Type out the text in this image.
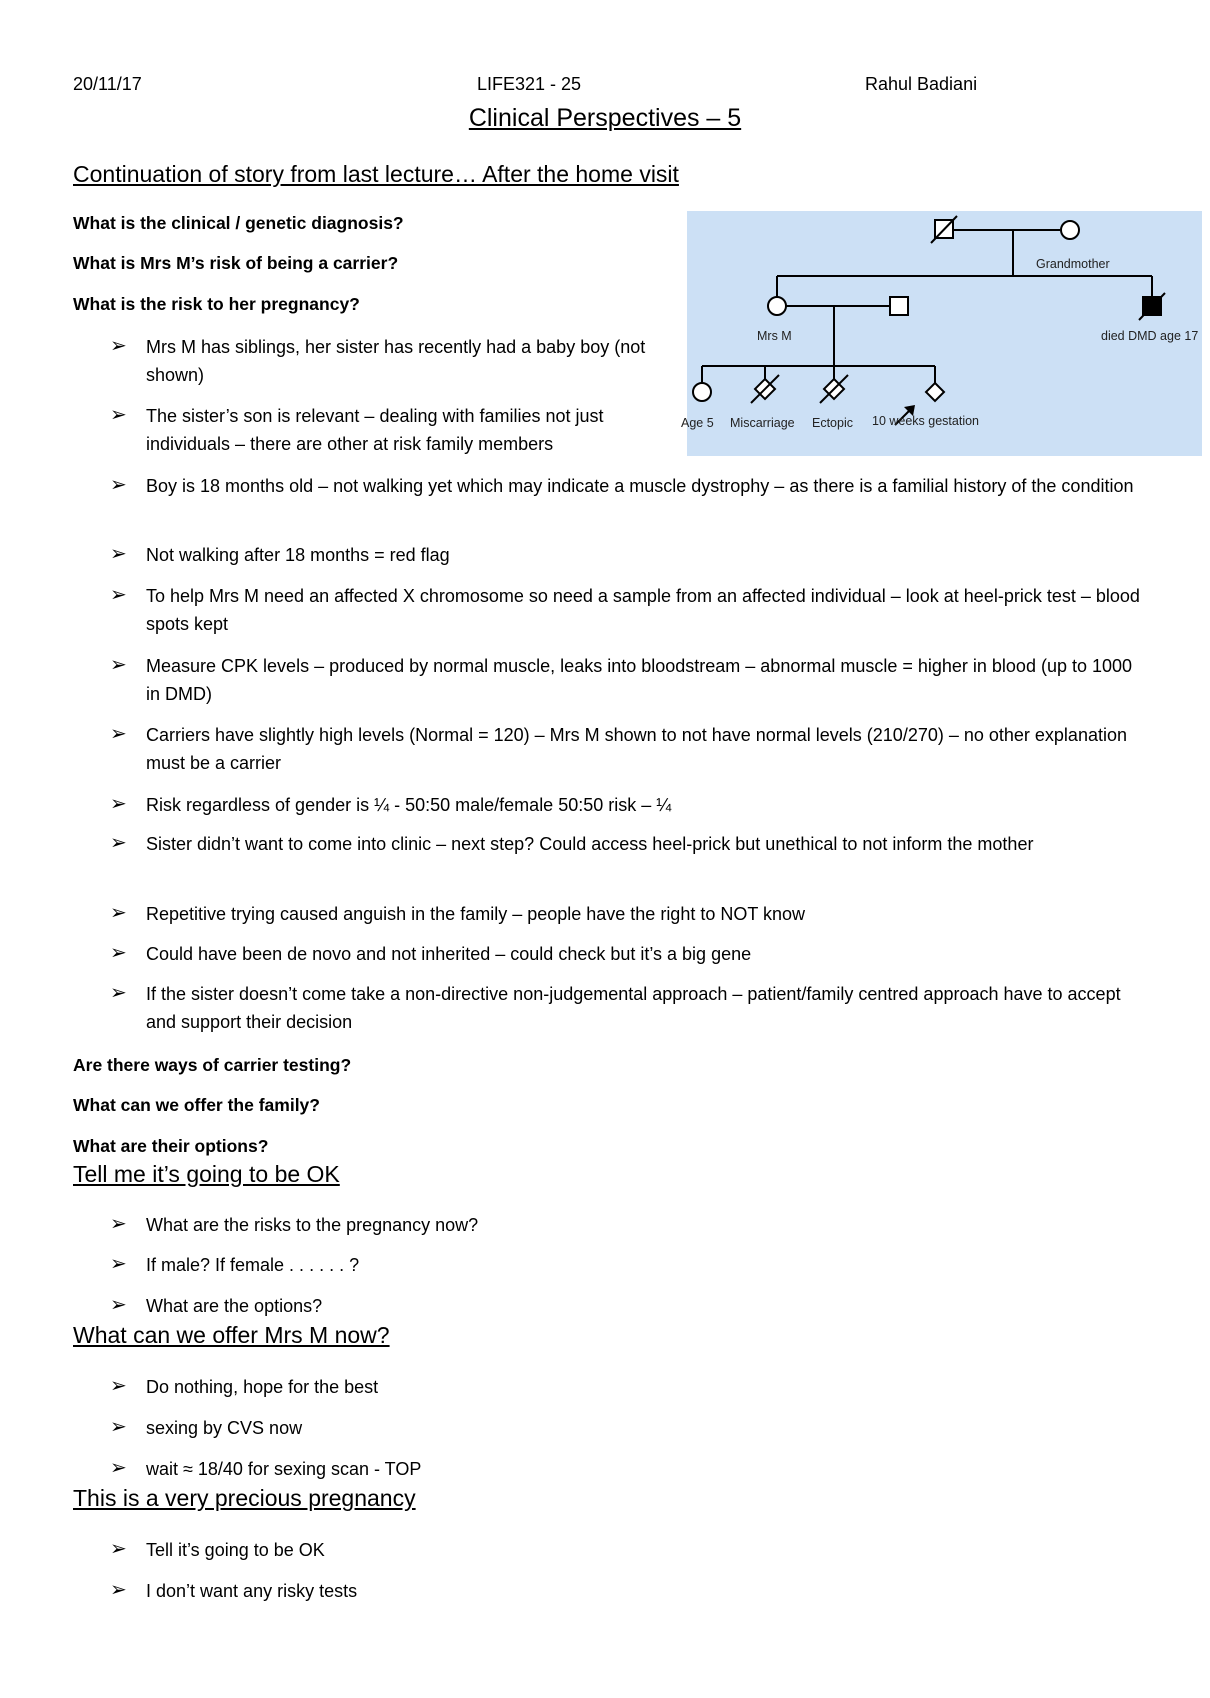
20/11/17	LIFE321 - 25	Rahul Badiani
Clinical Perspectives – 5
Continuation of story from last lecture… After the home visit
What is the clinical / genetic diagnosis?
What is Mrs M’s risk of being a carrier?
What is the risk to her pregnancy?
Grandmother
Mrs M	died DMD age 17
Age 5 Miscarriage Ectopic 10 weeks gestation
➢ Mrs M has siblings, her sister has recently had a baby boy (not shown)
➢ The sister’s son is relevant – dealing with families not just individuals – there are other at risk family members
➢ Boy is 18 months old – not walking yet which may indicate a muscle dystrophy – as there is a familial history of the condition
➢ Not walking after 18 months = red flag
➢ To help Mrs M need an affected X chromosome so need a sample from an affected individual – look at heel-prick test – blood spots kept
➢ Measure CPK levels – produced by normal muscle, leaks into bloodstream – abnormal muscle = higher in blood (up to 1000 in DMD)
➢ Carriers have slightly high levels (Normal = 120) – Mrs M shown to not have normal levels (210/270) – no other explanation must be a carrier
➢ Risk regardless of gender is ¼ - 50:50 male/female 50:50 risk – ¼
➢ Sister didn’t want to come into clinic – next step? Could access heel-prick but unethical to not inform the mother
➢ Repetitive trying caused anguish in the family – people have the right to NOT know
➢ Could have been de novo and not inherited – could check but it’s a big gene
➢ If the sister doesn’t come take a non-directive non-judgemental approach – patient/family centred approach have to accept and support their decision
Are there ways of carrier testing?
What can we offer the family?
What are their options?
Tell me it’s going to be OK
➢ What are the risks to the pregnancy now?
➢ If male? If female . . . . . . ?
➢ What are the options?
What can we offer Mrs M now?
➢ Do nothing, hope for the best
➢ sexing by CVS now
➢ wait ≈ 18/40 for sexing scan - TOP
This is a very precious pregnancy
➢ Tell it’s going to be OK
➢ I don’t want any risky tests
